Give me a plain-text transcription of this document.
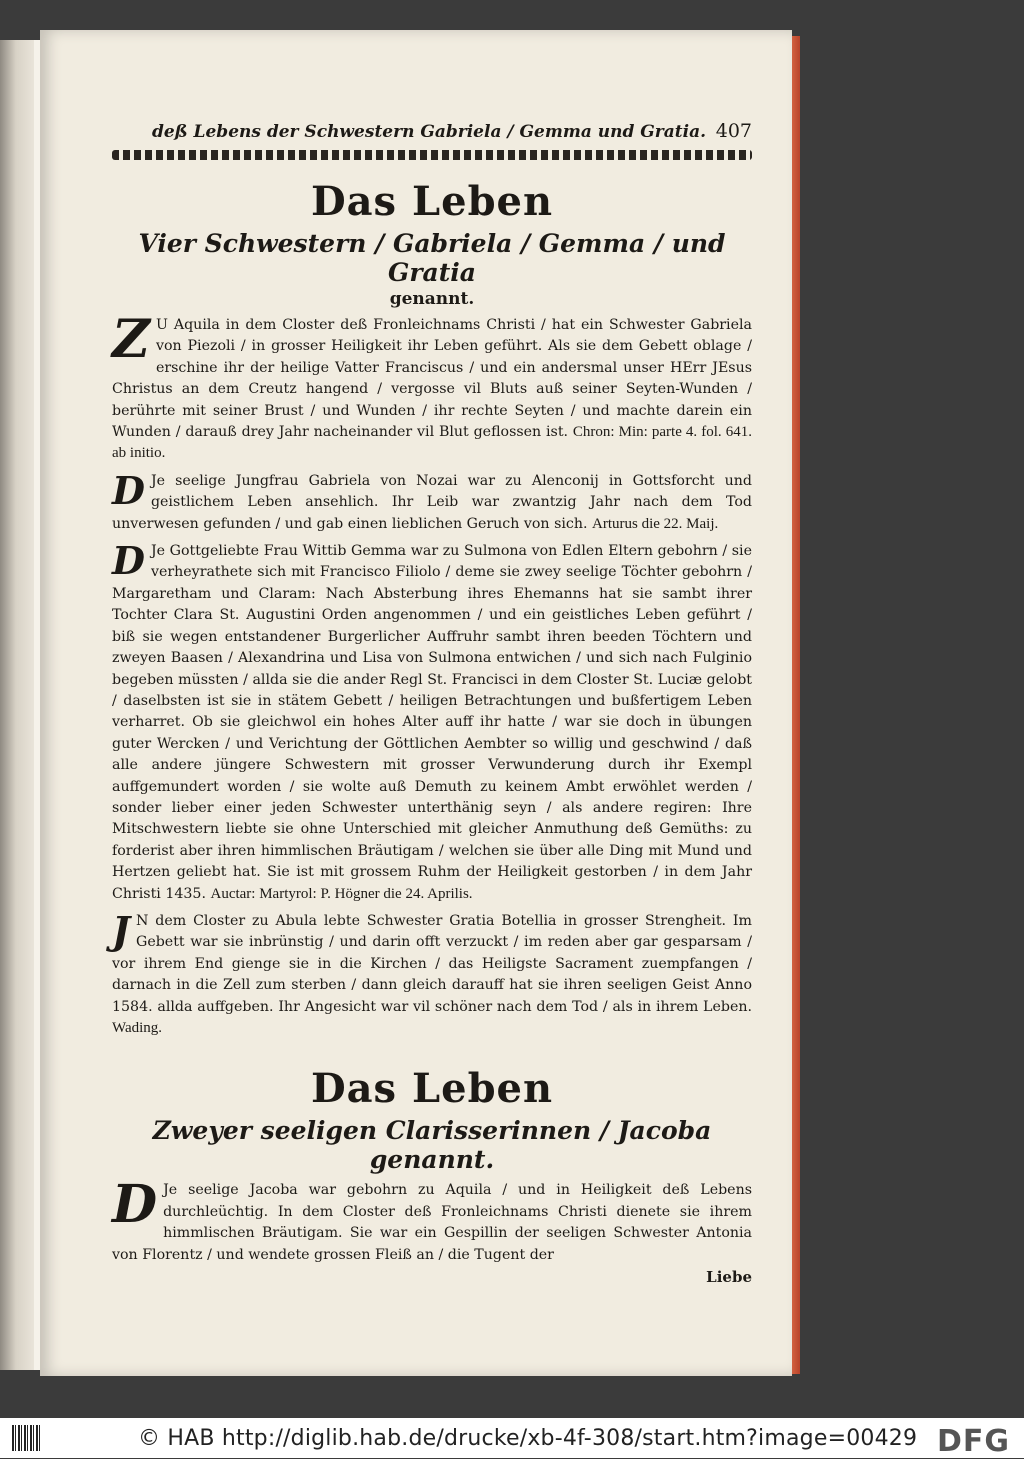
deß Lebens der Schwestern Gabriela / Gemma und Gratia. 407
Das Leben
Vier Schwestern / Gabriela / Gemma / und Gratia
genannt.
Z U Aquila in dem Closter deß Fronleichnams Christi / hat ein Schwester Gabriela von Piezoli / in grosser Heiligkeit ihr Leben geführt. Als sie dem Gebett oblage / erschine ihr der heilige Vatter Franciscus / und ein andersmal unser HErr JEsus Christus an dem Creutz hangend / vergosse vil Bluts auß seiner Seyten-Wunden / berührte mit seiner Brust / und Wunden / ihr rechte Seyten / und machte darein ein Wunden / darauß drey Jahr nacheinander vil Blut geflossen ist. Chron: Min: parte 4. fol. 641. ab initio.
D Je seelige Jungfrau Gabriela von Nozai war zu Alenconij in Gottsforcht und geistlichem Leben ansehlich. Ihr Leib war zwantzig Jahr nach dem Tod unverwesen gefunden / und gab einen lieblichen Geruch von sich. Arturus die 22. Maij.
D Je Gottgeliebte Frau Wittib Gemma war zu Sulmona von Edlen Eltern gebohrn / sie verheyrathete sich mit Francisco Filiolo / deme sie zwey seelige Töchter gebohrn / Margaretham und Claram: Nach Absterbung ihres Ehemanns hat sie sambt ihrer Tochter Clara St. Augustini Orden angenommen / und ein geistliches Leben geführt / biß sie wegen entstandener Burgerlicher Auffruhr sambt ihren beeden Töchtern und zweyen Baasen / Alexandrina und Lisa von Sulmona entwichen / und sich nach Fulginio begeben müssten / allda sie die ander Regl St. Francisci in dem Closter St. Luciæ gelobt / daselbsten ist sie in stätem Gebett / heiligen Betrachtungen und bußfertigem Leben verharret. Ob sie gleichwol ein hohes Alter auff ihr hatte / war sie doch in übungen guter Wercken / und Verichtung der Göttlichen Aembter so willig und geschwind / daß alle andere jüngere Schwestern mit grosser Verwunderung durch ihr Exempl auffgemundert worden / sie wolte auß Demuth zu keinem Ambt erwöhlet werden / sonder lieber einer jeden Schwester unterthänig seyn / als andere regiren: Ihre Mitschwestern liebte sie ohne Unterschied mit gleicher Anmuthung deß Gemüths: zu forderist aber ihren himmlischen Bräutigam / welchen sie über alle Ding mit Mund und Hertzen geliebt hat. Sie ist mit grossem Ruhm der Heiligkeit gestorben / in dem Jahr Christi 1435. Auctar: Martyrol: P. Högner die 24. Aprilis.
J N dem Closter zu Abula lebte Schwester Gratia Botellia in grosser Strengheit. Im Gebett war sie inbrünstig / und darin offt verzuckt / im reden aber gar gesparsam / vor ihrem End gienge sie in die Kirchen / das Heiligste Sacrament zuempfangen / darnach in die Zell zum sterben / dann gleich darauff hat sie ihren seeligen Geist Anno 1584. allda auffgeben. Ihr Angesicht war vil schöner nach dem Tod / als in ihrem Leben. Wading.
Das Leben
Zweyer seeligen Clarisserinnen / Jacoba genannt.
D Je seelige Jacoba war gebohrn zu Aquila / und in Heiligkeit deß Lebens durchleüchtig. In dem Closter deß Fronleichnams Christi dienete sie ihrem himmlischen Bräutigam. Sie war ein Gespillin der seeligen Schwester Antonia von Florentz / und wendete grossen Fleiß an / die Tugent der
Liebe
© HAB http://diglib.hab.de/drucke/xb-4f-308/start.htm?image=00429 DFG
